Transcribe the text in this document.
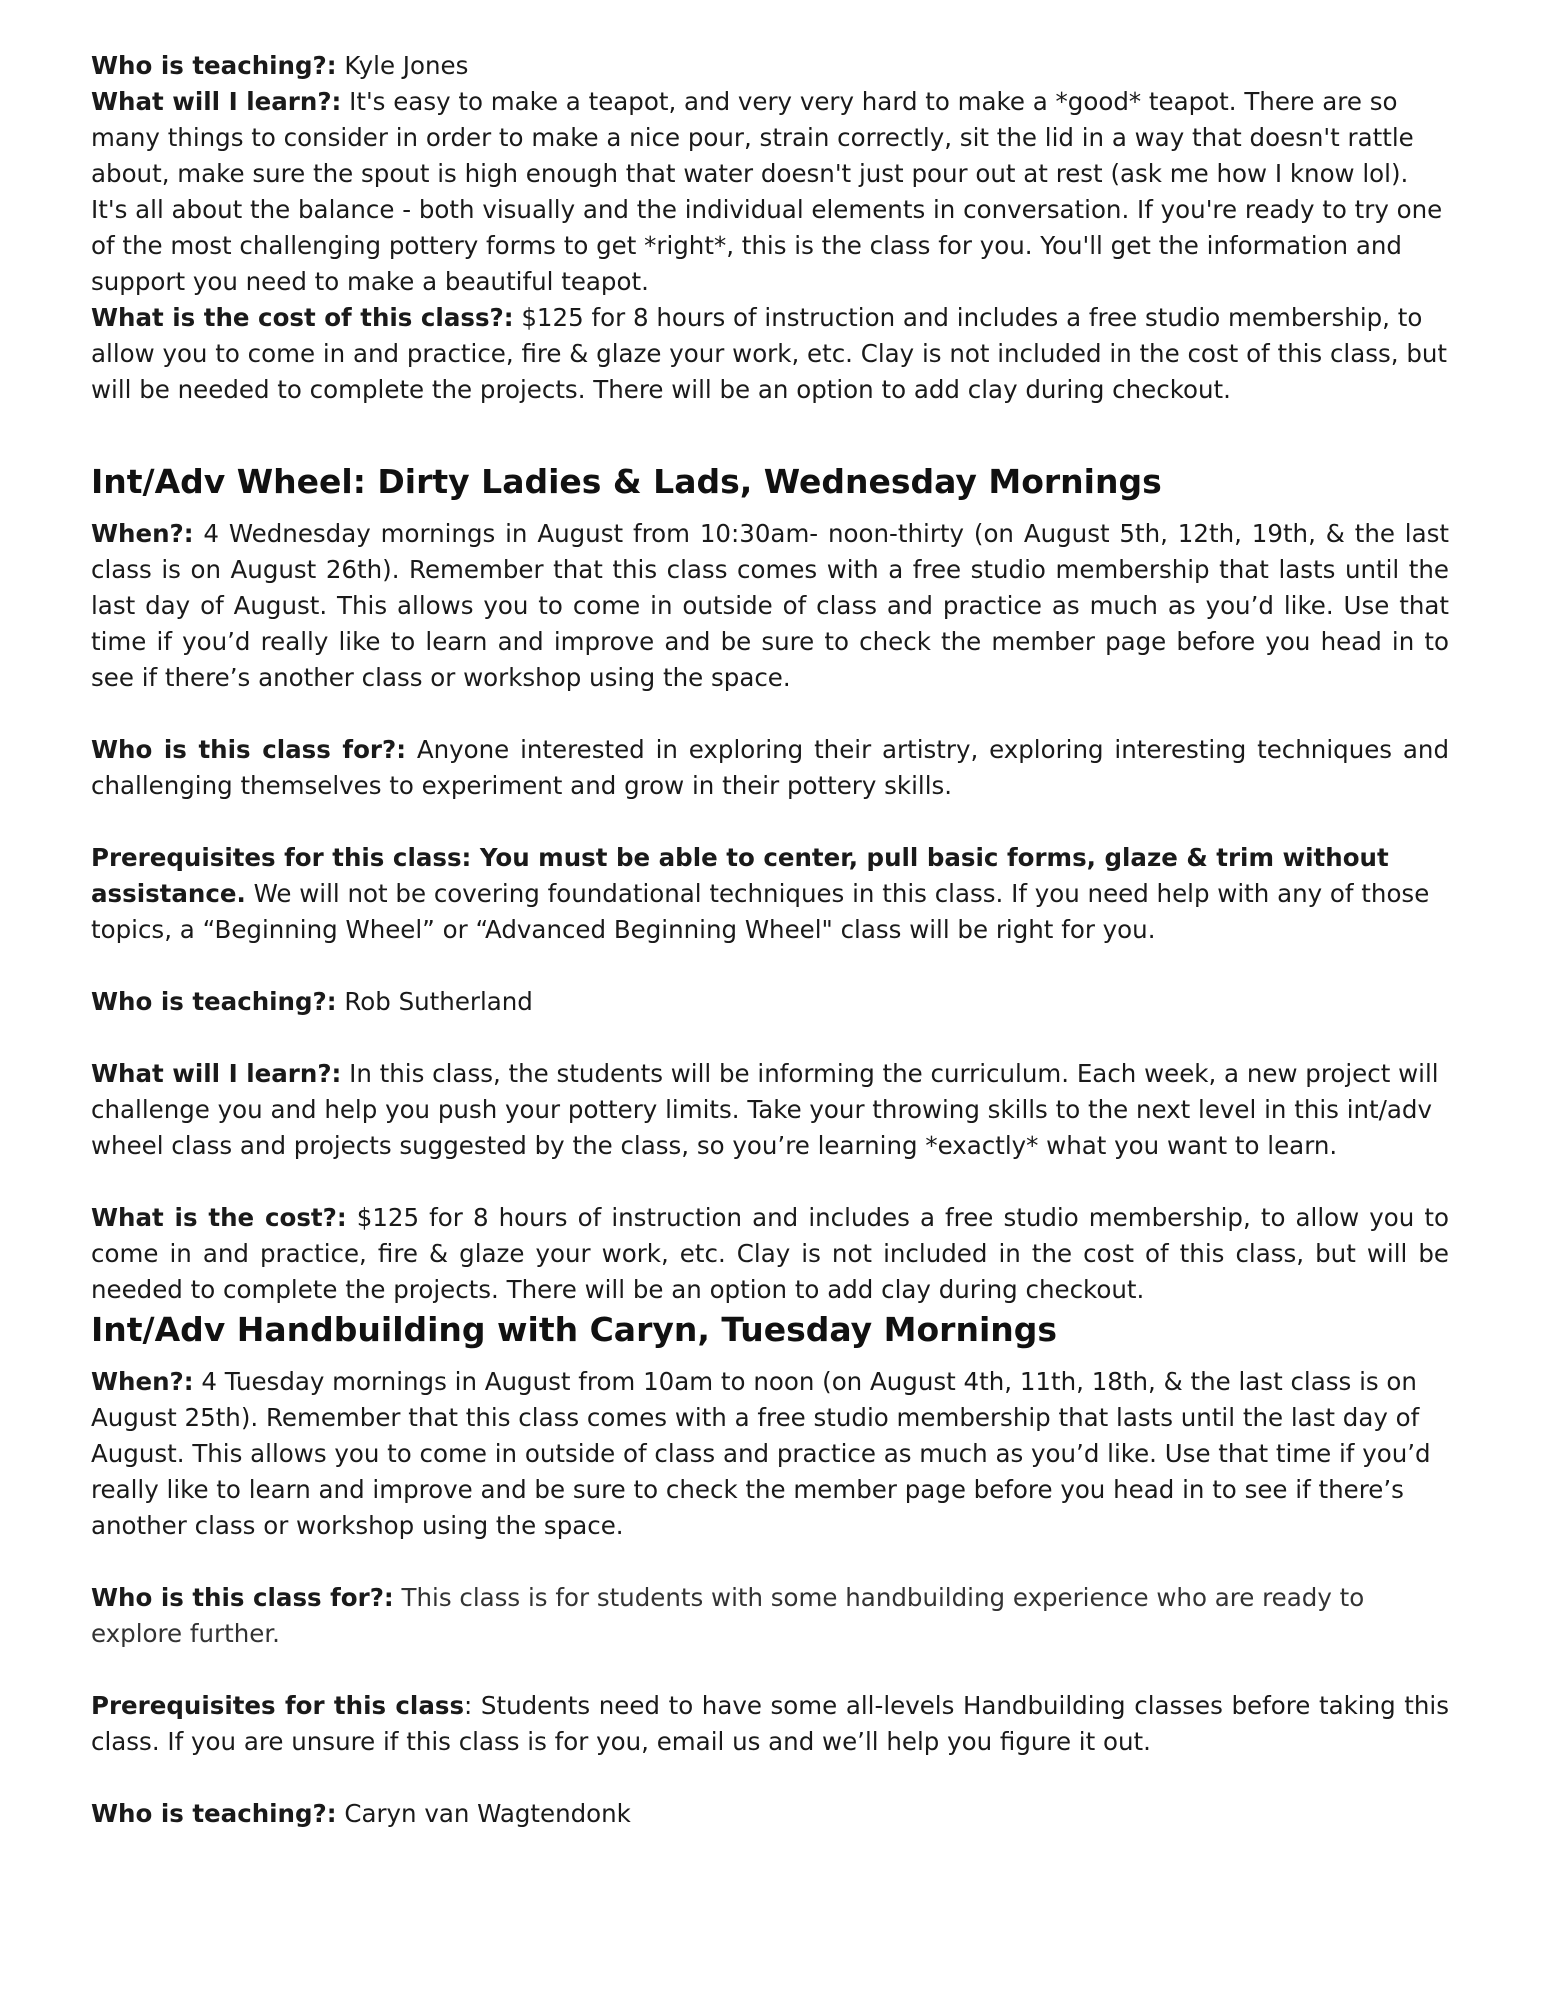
Who is teaching?: Kyle Jones

What will I learn?: It's easy to make a teapot, and very very hard to make a *good* teapot. There are so many things to consider in order to make a nice pour, strain correctly, sit the lid in a way that doesn't rattle about, make sure the spout is high enough that water doesn't just pour out at rest (ask me how I know lol). It's all about the balance - both visually and the individual elements in conversation. If you're ready to try one of the most challenging pottery forms to get *right*, this is the class for you. You'll get the information and support you need to make a beautiful teapot.

What is the cost of this class?: $125 for 8 hours of instruction and includes a free studio membership, to allow you to come in and practice, fire & glaze your work, etc. Clay is not included in the cost of this class, but will be needed to complete the projects. There will be an option to add clay during checkout.

Int/Adv Wheel: Dirty Ladies & Lads, Wednesday Mornings

When?: 4 Wednesday mornings in August from 10:30am- noon-thirty (on August 5th, 12th, 19th, & the last class is on August 26th). Remember that this class comes with a free studio membership that lasts until the last day of August. This allows you to come in outside of class and practice as much as you’d like. Use that time if you’d really like to learn and improve and be sure to check the member page before you head in to see if there’s another class or workshop using the space.

Who is this class for?: Anyone interested in exploring their artistry, exploring interesting techniques and challenging themselves to experiment and grow in their pottery skills.

Prerequisites for this class: You must be able to center, pull basic forms, glaze & trim without assistance. We will not be covering foundational techniques in this class. If you need help with any of those topics, a “Beginning Wheel” or “Advanced Beginning Wheel" class will be right for you.

Who is teaching?: Rob Sutherland

What will I learn?: In this class, the students will be informing the curriculum. Each week, a new project will challenge you and help you push your pottery limits. Take your throwing skills to the next level in this int/adv wheel class and projects suggested by the class, so you’re learning *exactly* what you want to learn.

What is the cost?: $125 for 8 hours of instruction and includes a free studio membership, to allow you to come in and practice, fire & glaze your work, etc. Clay is not included in the cost of this class, but will be needed to complete the projects. There will be an option to add clay during checkout.

Int/Adv Handbuilding with Caryn, Tuesday Mornings

When?: 4 Tuesday mornings in August from 10am to noon (on August 4th, 11th, 18th, & the last class is on August 25th). Remember that this class comes with a free studio membership that lasts until the last day of August. This allows you to come in outside of class and practice as much as you’d like. Use that time if you’d really like to learn and improve and be sure to check the member page before you head in to see if there’s another class or workshop using the space.

Who is this class for?: This class is for students with some handbuilding experience who are ready to explore further.

Prerequisites for this class: Students need to have some all-levels Handbuilding classes before taking this class. If you are unsure if this class is for you, email us and we’ll help you figure it out.

Who is teaching?: Caryn van Wagtendonk
